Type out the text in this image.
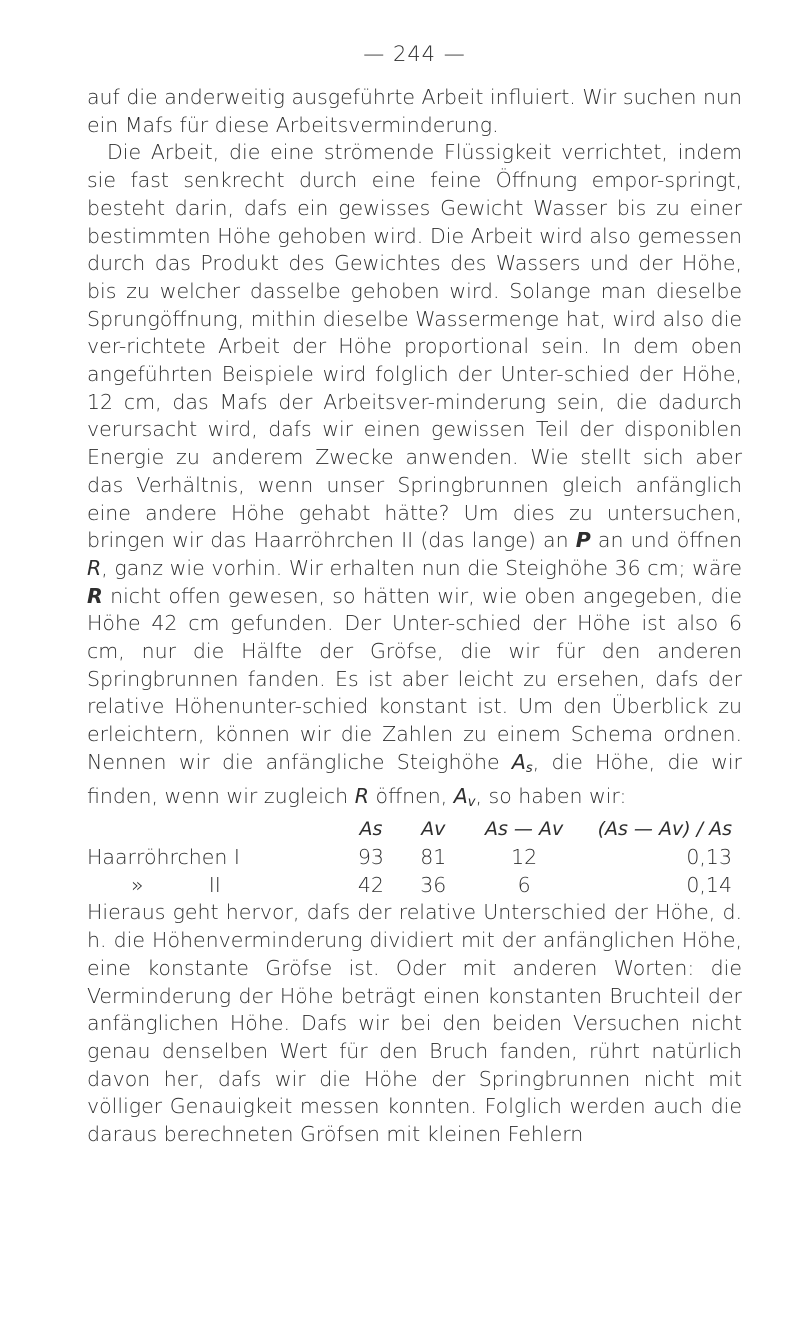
— 244 —

auf die anderweitig ausgeführte Arbeit influiert. Wir suchen nun ein Mafs für diese Arbeitsverminderung.

Die Arbeit, die eine strömende Flüssigkeit verrichtet, indem sie fast senkrecht durch eine feine Öffnung empor-springt, besteht darin, dafs ein gewisses Gewicht Wasser bis zu einer bestimmten Höhe gehoben wird. Die Arbeit wird also gemessen durch das Produkt des Gewichtes des Wassers und der Höhe, bis zu welcher dasselbe gehoben wird. Solange man dieselbe Sprungöffnung, mithin dieselbe Wassermenge hat, wird also die ver-richtete Arbeit der Höhe proportional sein. In dem oben angeführten Beispiele wird folglich der Unter-schied der Höhe, 12 cm, das Mafs der Arbeitsver-minderung sein, die dadurch verursacht wird, dafs wir einen gewissen Teil der disponiblen Energie zu anderem Zwecke anwenden. Wie stellt sich aber das Verhältnis, wenn unser Springbrunnen gleich anfänglich eine andere Höhe gehabt hätte? Um dies zu untersuchen, bringen wir das Haarröhrchen II (das lange) an P an und öffnen R, ganz wie vorhin. Wir erhalten nun die Steighöhe 36 cm; wäre R nicht offen gewesen, so hätten wir, wie oben angegeben, die Höhe 42 cm gefunden. Der Unter-schied der Höhe ist also 6 cm, nur die Hälfte der Gröfse, die wir für den anderen Springbrunnen fanden. Es ist aber leicht zu ersehen, dafs der relative Höhenunter-schied konstant ist. Um den Überblick zu erleichtern, können wir die Zahlen zu einem Schema ordnen. Nennen wir die anfängliche Steighöhe $A_s$, die Höhe, die wir finden, wenn wir zugleich R öffnen, $A_v$, so haben wir:

	As	Av	As — Av	(As — Av) / As
Haarröhrchen I	93	81	12	0,13
»          II	42	36	6	0,14

Hieraus geht hervor, dafs der relative Unterschied der Höhe, d. h. die Höhenverminderung dividiert mit der anfänglichen Höhe, eine konstante Gröfse ist. Oder mit anderen Worten: die Verminderung der Höhe beträgt einen konstanten Bruchteil der anfänglichen Höhe. Dafs wir bei den beiden Versuchen nicht genau denselben Wert für den Bruch fanden, rührt natürlich davon her, dafs wir die Höhe der Springbrunnen nicht mit völliger Genauigkeit messen konnten. Folglich werden auch die daraus berechneten Gröfsen mit kleinen Fehlern
